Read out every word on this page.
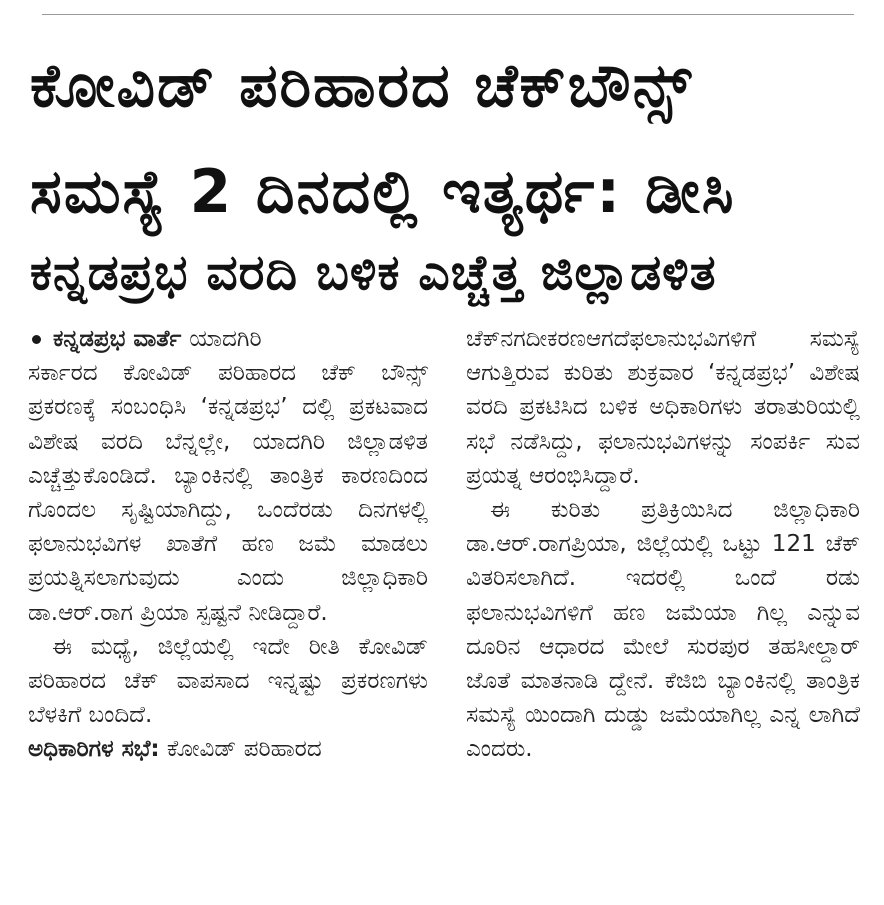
ಕೋವಿಡ್ ಪರಿಹಾರದ ಚೆಕ್‌ಬೌನ್ಸ್
ಸಮಸ್ಯೆ 2 ದಿನದಲ್ಲಿ ಇತ್ಯರ್ಥ: ಡೀಸಿ
ಕನ್ನಡಪ್ರಭ ವರದಿ ಬಳಿಕ ಎಚ್ಚೆತ್ತ ಜಿಲ್ಲಾಡಳಿತ
ಕನ್ನಡಪ್ರಭ ವಾರ್ತೆ ಯಾದಗಿರಿ

ಸರ್ಕಾರದ ಕೋವಿಡ್ ಪರಿಹಾರದ ಚೆಕ್ ಬೌನ್ಸ್ ಪ್ರಕರಣಕ್ಕೆ ಸಂಬಂಧಿಸಿ ‘ಕನ್ನಡಪ್ರಭ’ ದಲ್ಲಿ ಪ್ರಕಟವಾದ ವಿಶೇಷ ವರದಿ ಬೆನ್ನಲ್ಲೇ, ಯಾದಗಿರಿ ಜಿಲ್ಲಾಡಳಿತ ಎಚ್ಚೆತ್ತುಕೊಂಡಿದೆ. ಬ್ಯಾಂಕಿನಲ್ಲಿ ತಾಂತ್ರಿಕ ಕಾರಣದಿಂದ ಗೊಂದಲ ಸೃಷ್ಟಿಯಾಗಿದ್ದು, ಒಂದೆರಡು ದಿನಗಳಲ್ಲಿ ಫಲಾನುಭವಿಗಳ ಖಾತೆಗೆ ಹಣ ಜಮೆ ಮಾಡಲು ಪ್ರಯತ್ನಿಸಲಾಗುವುದು ಎಂದು ಜಿಲ್ಲಾಧಿಕಾರಿ ಡಾ.ಆರ್.ರಾಗ ಪ್ರಿಯಾ ಸ್ಪಷ್ಟನೆ ನೀಡಿದ್ದಾರೆ.

ಈ ಮಧ್ಯೆ, ಜಿಲ್ಲೆಯಲ್ಲಿ ಇದೇ ರೀತಿ ಕೋವಿಡ್ ಪರಿಹಾರದ ಚೆಕ್ ವಾಪಸಾದ ಇನ್ನಷ್ಟು ಪ್ರಕರಣಗಳು ಬೆಳಕಿಗೆ ಬಂದಿದೆ.

ಅಧಿಕಾರಿಗಳ ಸಭೆ: ಕೋವಿಡ್ ಪರಿಹಾರದ

ಚೆಕ್‌ನಗದೀಕರಣಆಗದೆಫಲಾನುಭವಿಗಳಿಗೆ ಸಮಸ್ಯೆ ಆಗುತ್ತಿರುವ ಕುರಿತು ಶುಕ್ರವಾರ ‘ಕನ್ನಡಪ್ರಭ’ ವಿಶೇಷ ವರದಿ ಪ್ರಕಟಿಸಿದ ಬಳಿಕ ಅಧಿಕಾರಿಗಳು ತರಾತುರಿಯಲ್ಲಿ ಸಭೆ ನಡೆಸಿದ್ದು, ಫಲಾನುಭವಿಗಳನ್ನು ಸಂಪರ್ಕಿ ಸುವ ಪ್ರಯತ್ನ ಆರಂಭಿಸಿದ್ದಾರೆ.

ಈ ಕುರಿತು ಪ್ರತಿಕ್ರಿಯಿಸಿದ ಜಿಲ್ಲಾಧಿಕಾರಿ ಡಾ.ಆರ್.ರಾಗಪ್ರಿಯಾ, ಜಿಲ್ಲೆಯಲ್ಲಿ ಒಟ್ಟು 121 ಚೆಕ್ ವಿತರಿಸಲಾಗಿದೆ. ಇದರಲ್ಲಿ ಒಂದೆ ರಡು ಫಲಾನುಭವಿಗಳಿಗೆ ಹಣ ಜಮೆಯಾ ಗಿಲ್ಲ ಎನ್ನುವ ದೂರಿನ ಆಧಾರದ ಮೇಲೆ ಸುರಪುರ ತಹಸೀಲ್ದಾರ್ ಜೊತೆ ಮಾತನಾಡಿ ದ್ದೇನೆ. ಕೆಜಿಬಿ ಬ್ಯಾಂಕಿನಲ್ಲಿ ತಾಂತ್ರಿಕ ಸಮಸ್ಯೆ ಯಿಂದಾಗಿ ದುಡ್ಡು ಜಮೆಯಾಗಿಲ್ಲ ಎನ್ನ ಲಾಗಿದೆ ಎಂದರು.
